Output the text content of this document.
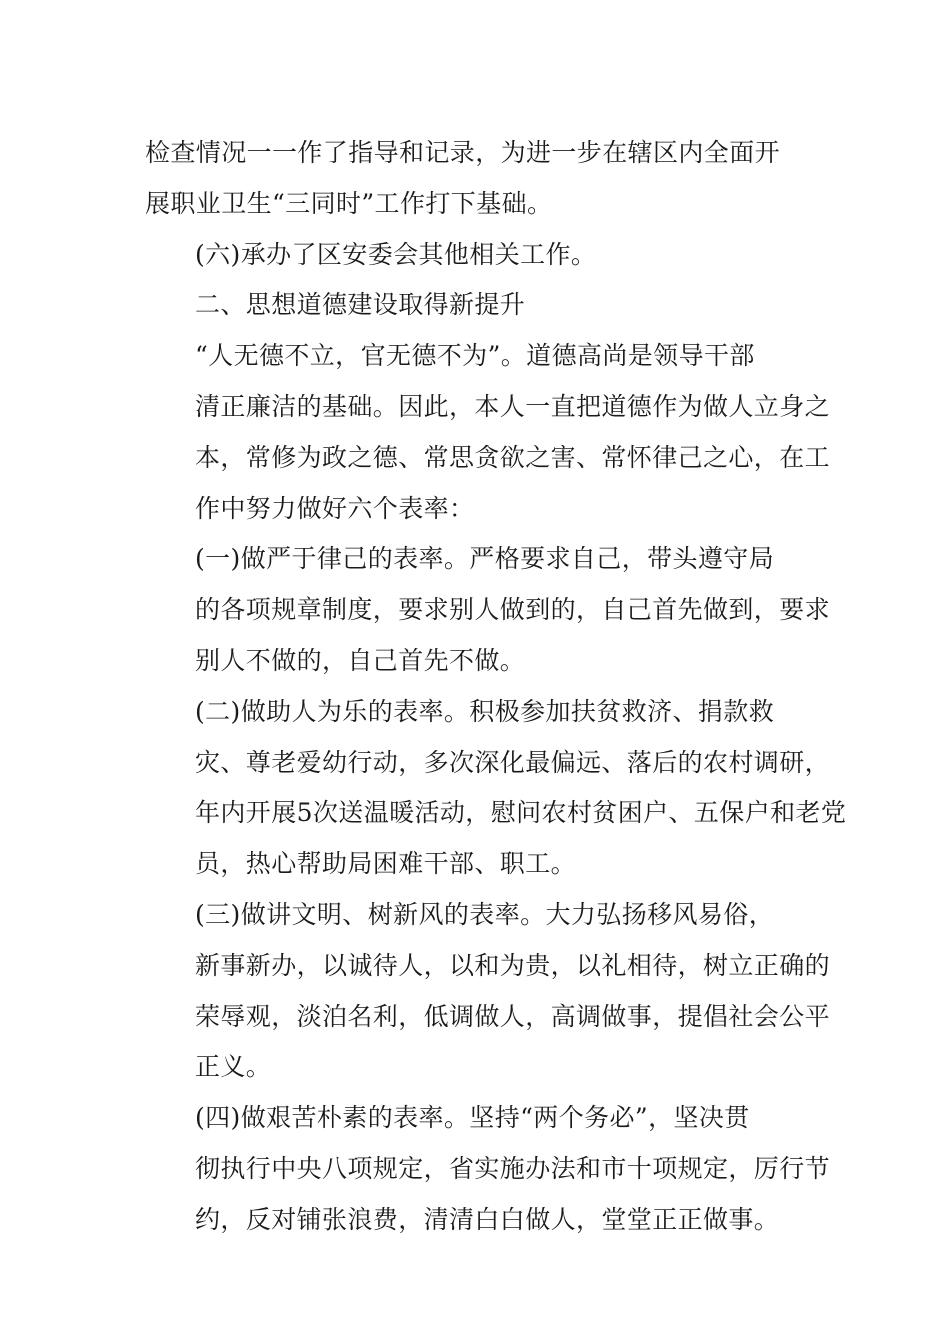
检查情况一一作了指导和记录，为进一步在辖区内全面开
展职业卫生“三同时”工作打下基础。

(六)承办了区安委会其他相关工作。

二、思想道德建设取得新提升

“人无德不立，官无德不为”。道德高尚是领导干部
清正廉洁的基础。因此，本人一直把道德作为做人立身之
本，常修为政之德、常思贪欲之害、常怀律己之心，在工
作中努力做好六个表率：

(一)做严于律己的表率。严格要求自己，带头遵守局
的各项规章制度，要求别人做到的，自己首先做到，要求
别人不做的，自己首先不做。

(二)做助人为乐的表率。积极参加扶贫救济、捐款救
灾、尊老爱幼行动，多次深化最偏远、落后的农村调研，
年内开展5次送温暖活动，慰问农村贫困户、五保户和老党
员，热心帮助局困难干部、职工。

(三)做讲文明、树新风的表率。大力弘扬移风易俗，
新事新办，以诚待人，以和为贵，以礼相待，树立正确的
荣辱观，淡泊名利，低调做人，高调做事，提倡社会公平
正义。

(四)做艰苦朴素的表率。坚持“两个务必”，坚决贯
彻执行中央八项规定，省实施办法和市十项规定，厉行节
约，反对铺张浪费，清清白白做人，堂堂正正做事。
